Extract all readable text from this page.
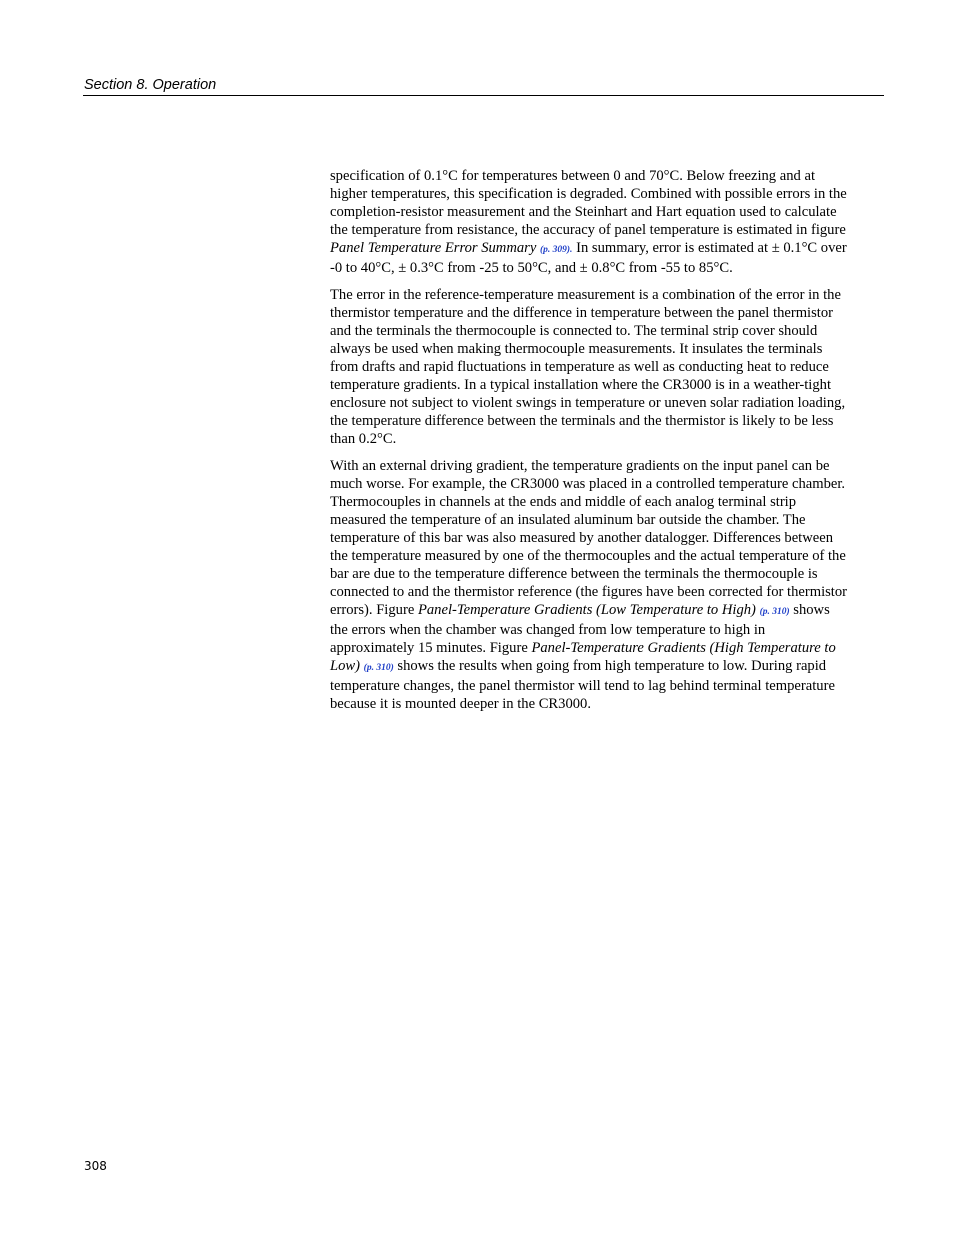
Section 8. Operation

specification of 0.1°C for temperatures between 0 and 70°C. Below freezing and at higher temperatures, this specification is degraded. Combined with possible errors in the completion-resistor measurement and the Steinhart and Hart equation used to calculate the temperature from resistance, the accuracy of panel temperature is estimated in figure Panel Temperature Error Summary (p. 309). In summary, error is estimated at ± 0.1°C over -0 to 40°C, ± 0.3°C from -25 to 50°C, and ± 0.8°C from -55 to 85°C.

The error in the reference-temperature measurement is a combination of the error in the thermistor temperature and the difference in temperature between the panel thermistor and the terminals the thermocouple is connected to. The terminal strip cover should always be used when making thermocouple measurements. It insulates the terminals from drafts and rapid fluctuations in temperature as well as conducting heat to reduce temperature gradients. In a typical installation where the CR3000 is in a weather-tight enclosure not subject to violent swings in temperature or uneven solar radiation loading, the temperature difference between the terminals and the thermistor is likely to be less than 0.2°C.

With an external driving gradient, the temperature gradients on the input panel can be much worse. For example, the CR3000 was placed in a controlled temperature chamber. Thermocouples in channels at the ends and middle of each analog terminal strip measured the temperature of an insulated aluminum bar outside the chamber. The temperature of this bar was also measured by another datalogger. Differences between the temperature measured by one of the thermocouples and the actual temperature of the bar are due to the temperature difference between the terminals the thermocouple is connected to and the thermistor reference (the figures have been corrected for thermistor errors). Figure Panel-Temperature Gradients (Low Temperature to High) (p. 310) shows the errors when the chamber was changed from low temperature to high in approximately 15 minutes. Figure Panel-Temperature Gradients (High Temperature to Low) (p. 310) shows the results when going from high temperature to low. During rapid temperature changes, the panel thermistor will tend to lag behind terminal temperature because it is mounted deeper in the CR3000.

308
